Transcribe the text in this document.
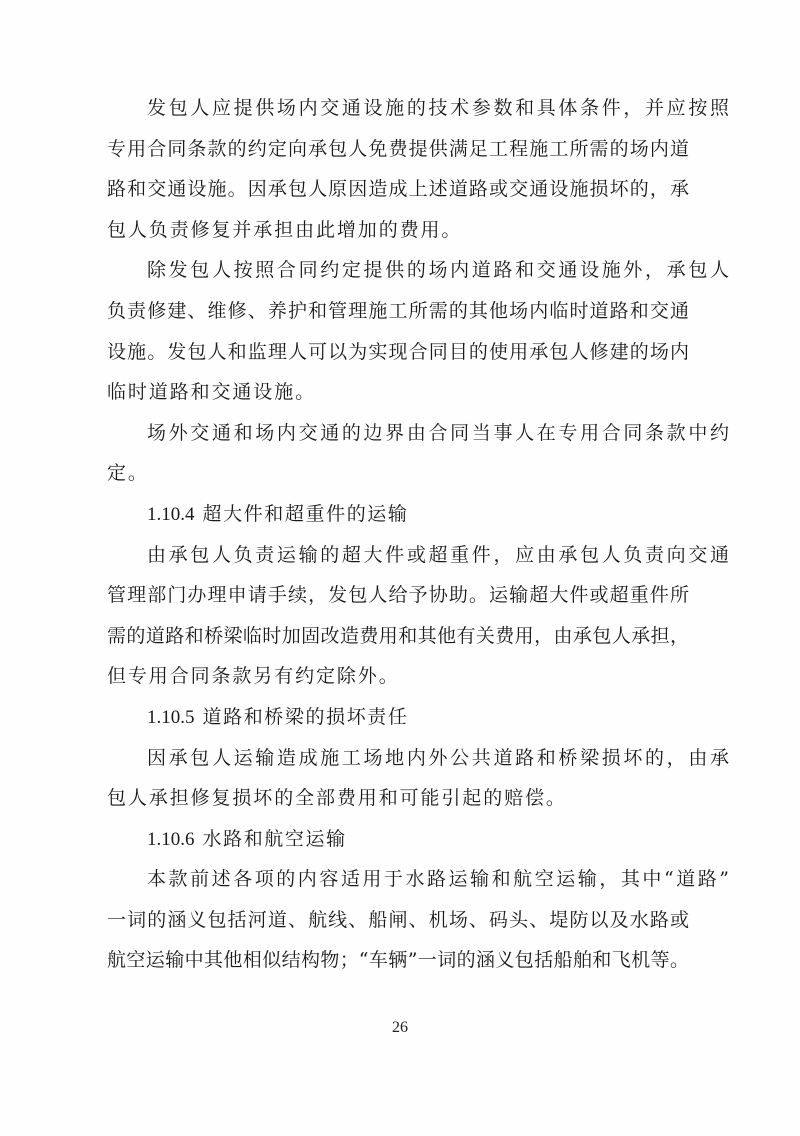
发包人应提供场内交通设施的技术参数和具体条件，并应按照
专用合同条款的约定向承包人免费提供满足工程施工所需的场内道
路和交通设施。因承包人原因造成上述道路或交通设施损坏的，承
包人负责修复并承担由此增加的费用。
除发包人按照合同约定提供的场内道路和交通设施外，承包人
负责修建、维修、养护和管理施工所需的其他场内临时道路和交通
设施。发包人和监理人可以为实现合同目的使用承包人修建的场内
临时道路和交通设施。
场外交通和场内交通的边界由合同当事人在专用合同条款中约
定。
1.10.4 超大件和超重件的运输
由承包人负责运输的超大件或超重件，应由承包人负责向交通
管理部门办理申请手续，发包人给予协助。运输超大件或超重件所
需的道路和桥梁临时加固改造费用和其他有关费用，由承包人承担，
但专用合同条款另有约定除外。
1.10.5 道路和桥梁的损坏责任
因承包人运输造成施工场地内外公共道路和桥梁损坏的，由承
包人承担修复损坏的全部费用和可能引起的赔偿。
1.10.6 水路和航空运输
本款前述各项的内容适用于水路运输和航空运输，其中“道路”
一词的涵义包括河道、航线、船闸、机场、码头、堤防以及水路或
航空运输中其他相似结构物；“车辆”一词的涵义包括船舶和飞机等。
26
